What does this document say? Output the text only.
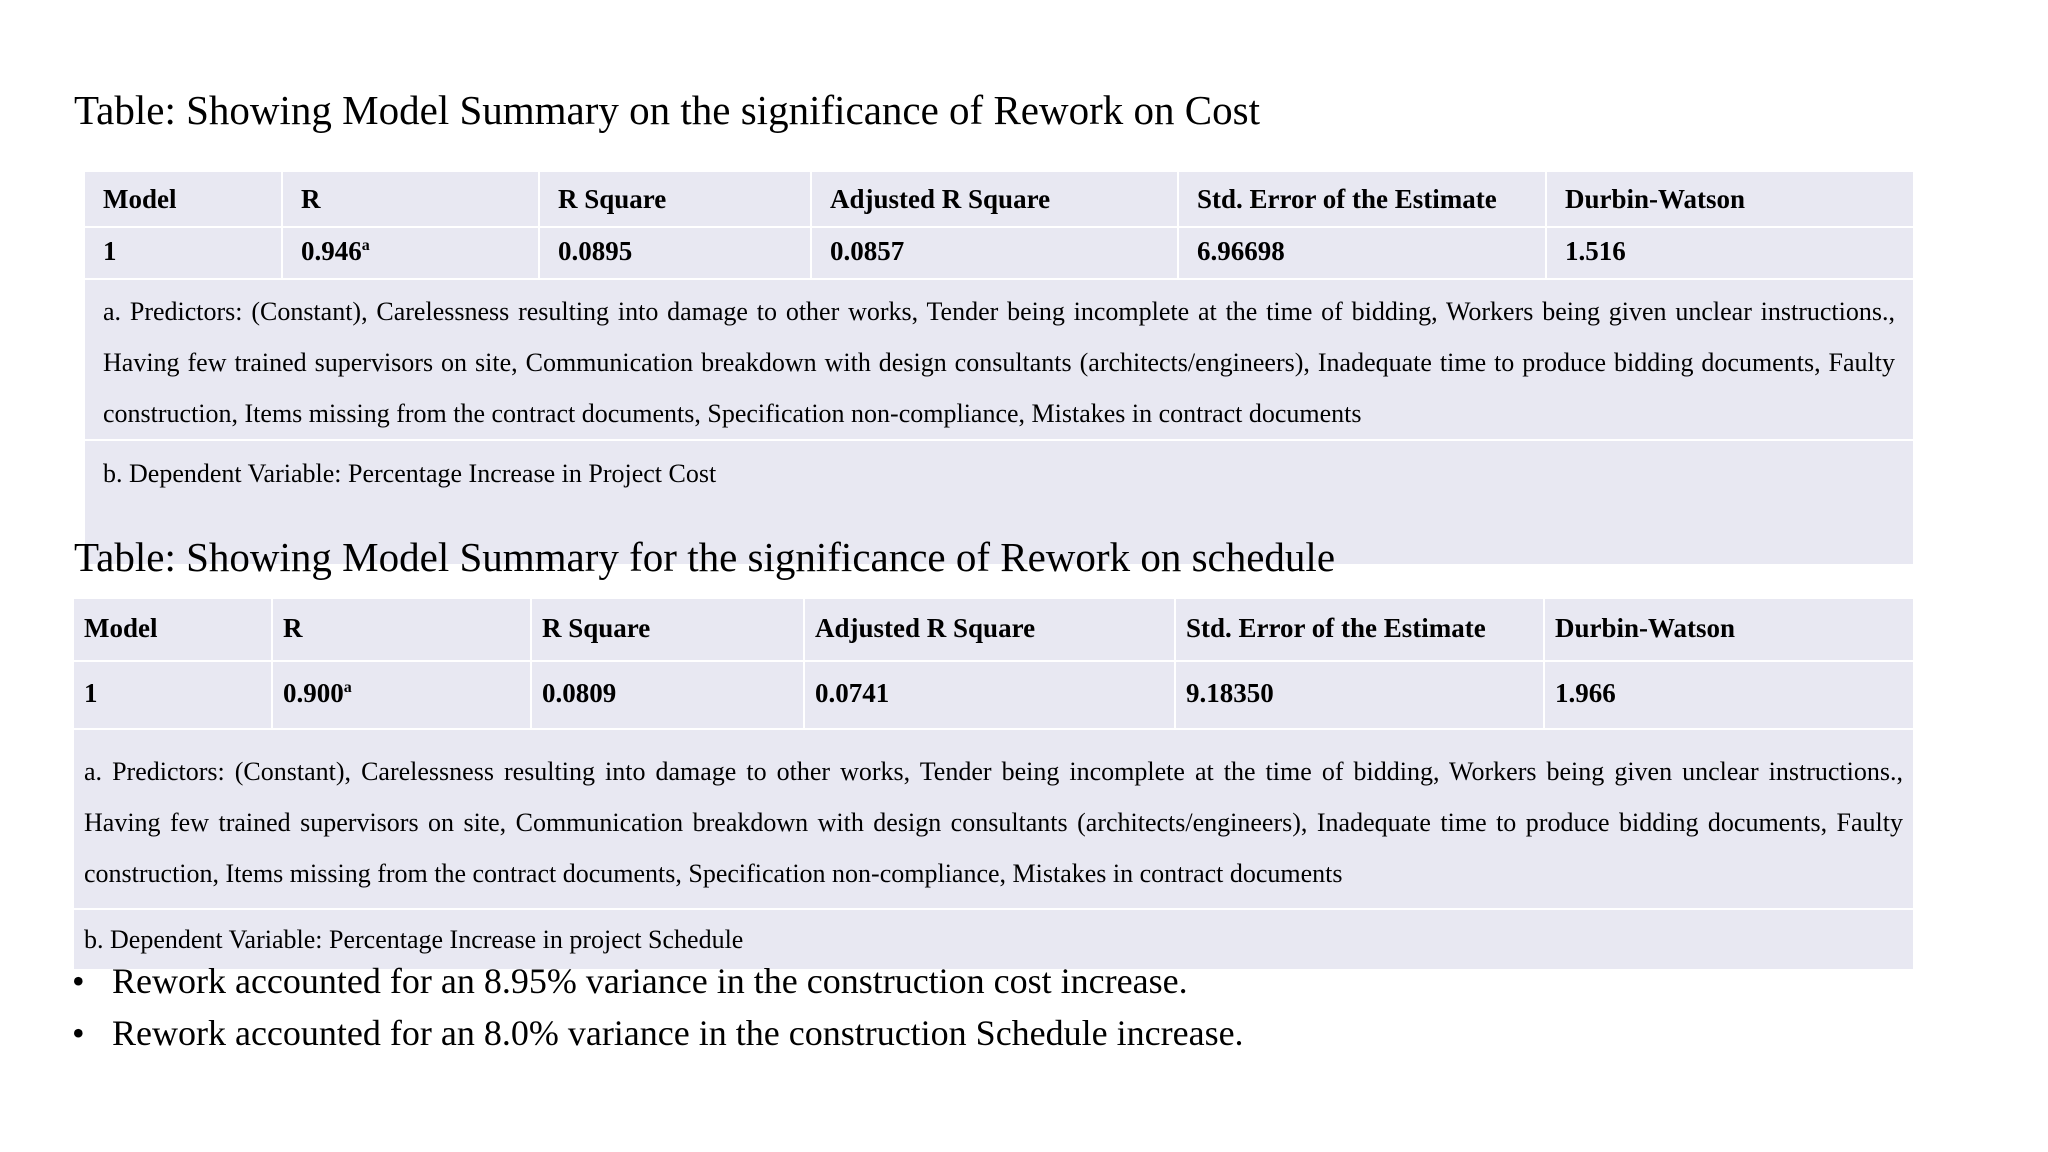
Table: Showing Model Summary on the significance of Rework on Cost
Model	R	R Square	Adjusted R Square	Std. Error of the Estimate	Durbin-Watson
1	0.946$^a$	0.0895	0.0857	6.96698	1.516
a. Predictors: (Constant), Carelessness resulting into damage to other works, Tender being incomplete at the time of bidding, Workers being given unclear instructions., Having few trained supervisors on site, Communication breakdown with design consultants (architects/engineers), Inadequate time to produce bidding documents, Faulty construction, Items missing from the contract documents, Specification non-compliance, Mistakes in contract documents					
b. Dependent Variable: Percentage Increase in Project Cost					
Table: Showing Model Summary for the significance of Rework on schedule
Model	R	R Square	Adjusted R Square	Std. Error of the Estimate	Durbin-Watson
1	0.900$^a$	0.0809	0.0741	9.18350	1.966
a. Predictors: (Constant), Carelessness resulting into damage to other works, Tender being incomplete at the time of bidding, Workers being given unclear instructions., Having few trained supervisors on site, Communication breakdown with design consultants (architects/engineers), Inadequate time to produce bidding documents, Faulty construction, Items missing from the contract documents, Specification non-compliance, Mistakes in contract documents					
b. Dependent Variable: Percentage Increase in project Schedule					
• Rework accounted for an 8.95% variance in the construction cost increase.
• Rework accounted for an 8.0% variance in the construction Schedule increase.
